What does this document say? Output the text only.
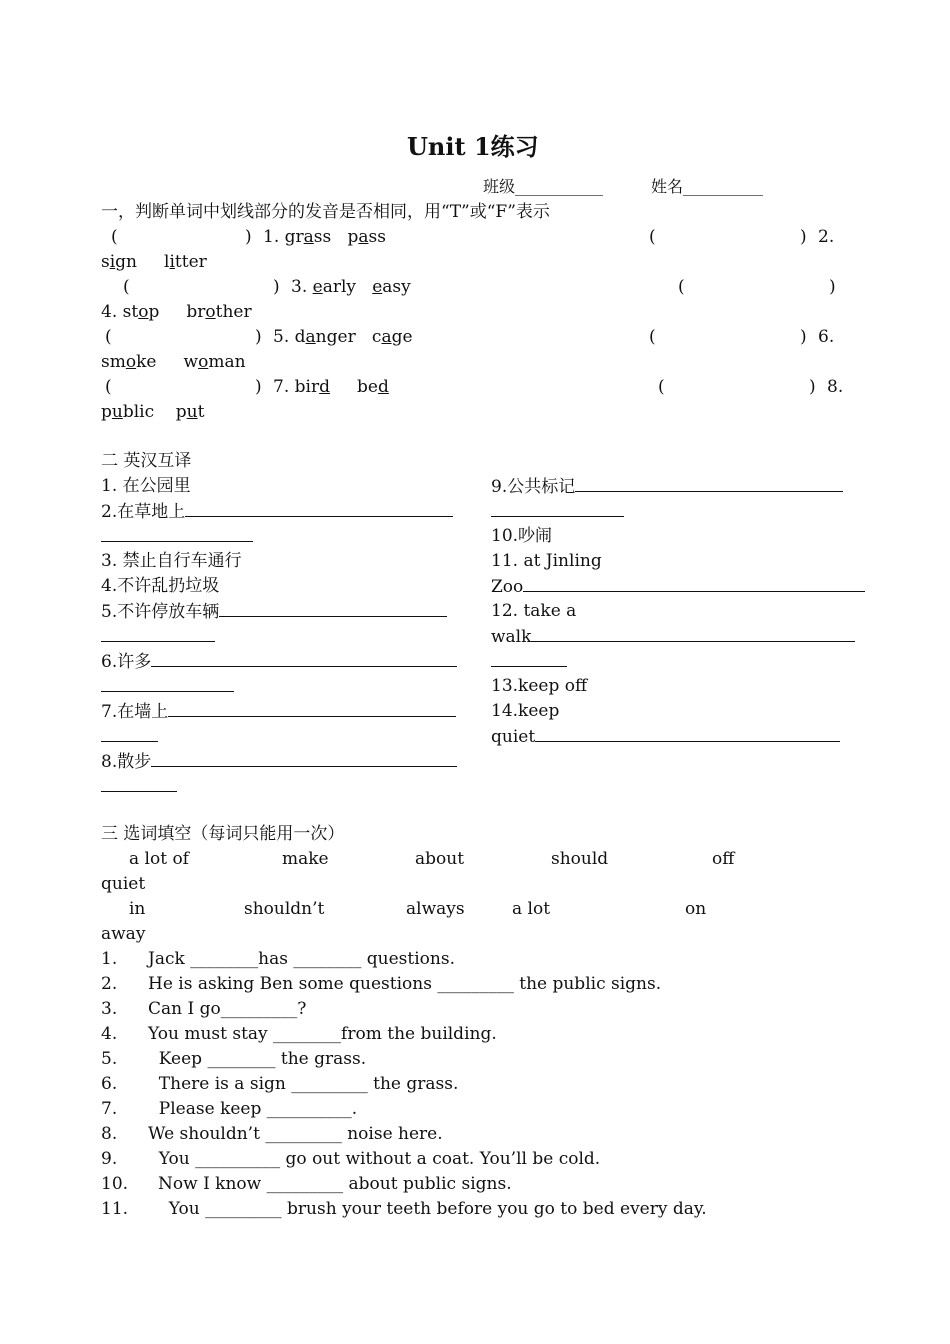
Unit 1练习
班级___________	姓名__________
一，判断单词中划线部分的发音是否相同，用“T”或“F”表示
(	) 1. grass pass	(	) 2.
sign litter
(	) 3. early easy	(	)
4. stop brother
(	) 5. danger cage	(	) 6.
smoke woman
(	) 7. bird bed	(	) 8.
public put
二 英汉互译
1. 在公园里
2.在草地上
3. 禁止自行车通行
4.不许乱扔垃圾
5.不许停放车辆
6.许多
7.在墙上
8.散步
9.公共标记
10.吵闹
11. at Jinling
Zoo
12. take a
walk
13.keep off
14.keep
quiet
三 选词填空（每词只能用一次）
a lot of	make	about	should	off
quiet
in	shouldn’t	always	a lot	on
away
1. Jack ________has ________ questions.
2. He is asking Ben some questions _________ the public signs.
3. Can I go_________?
4. You must stay ________from the building.
5. Keep ________ the grass.
6. There is a sign _________ the grass.
7. Please keep __________.
8. We shouldn’t _________ noise here.
9. You __________ go out without a coat. You’ll be cold.
10. Now I know _________ about public signs.
11. You _________ brush your teeth before you go to bed every day.
